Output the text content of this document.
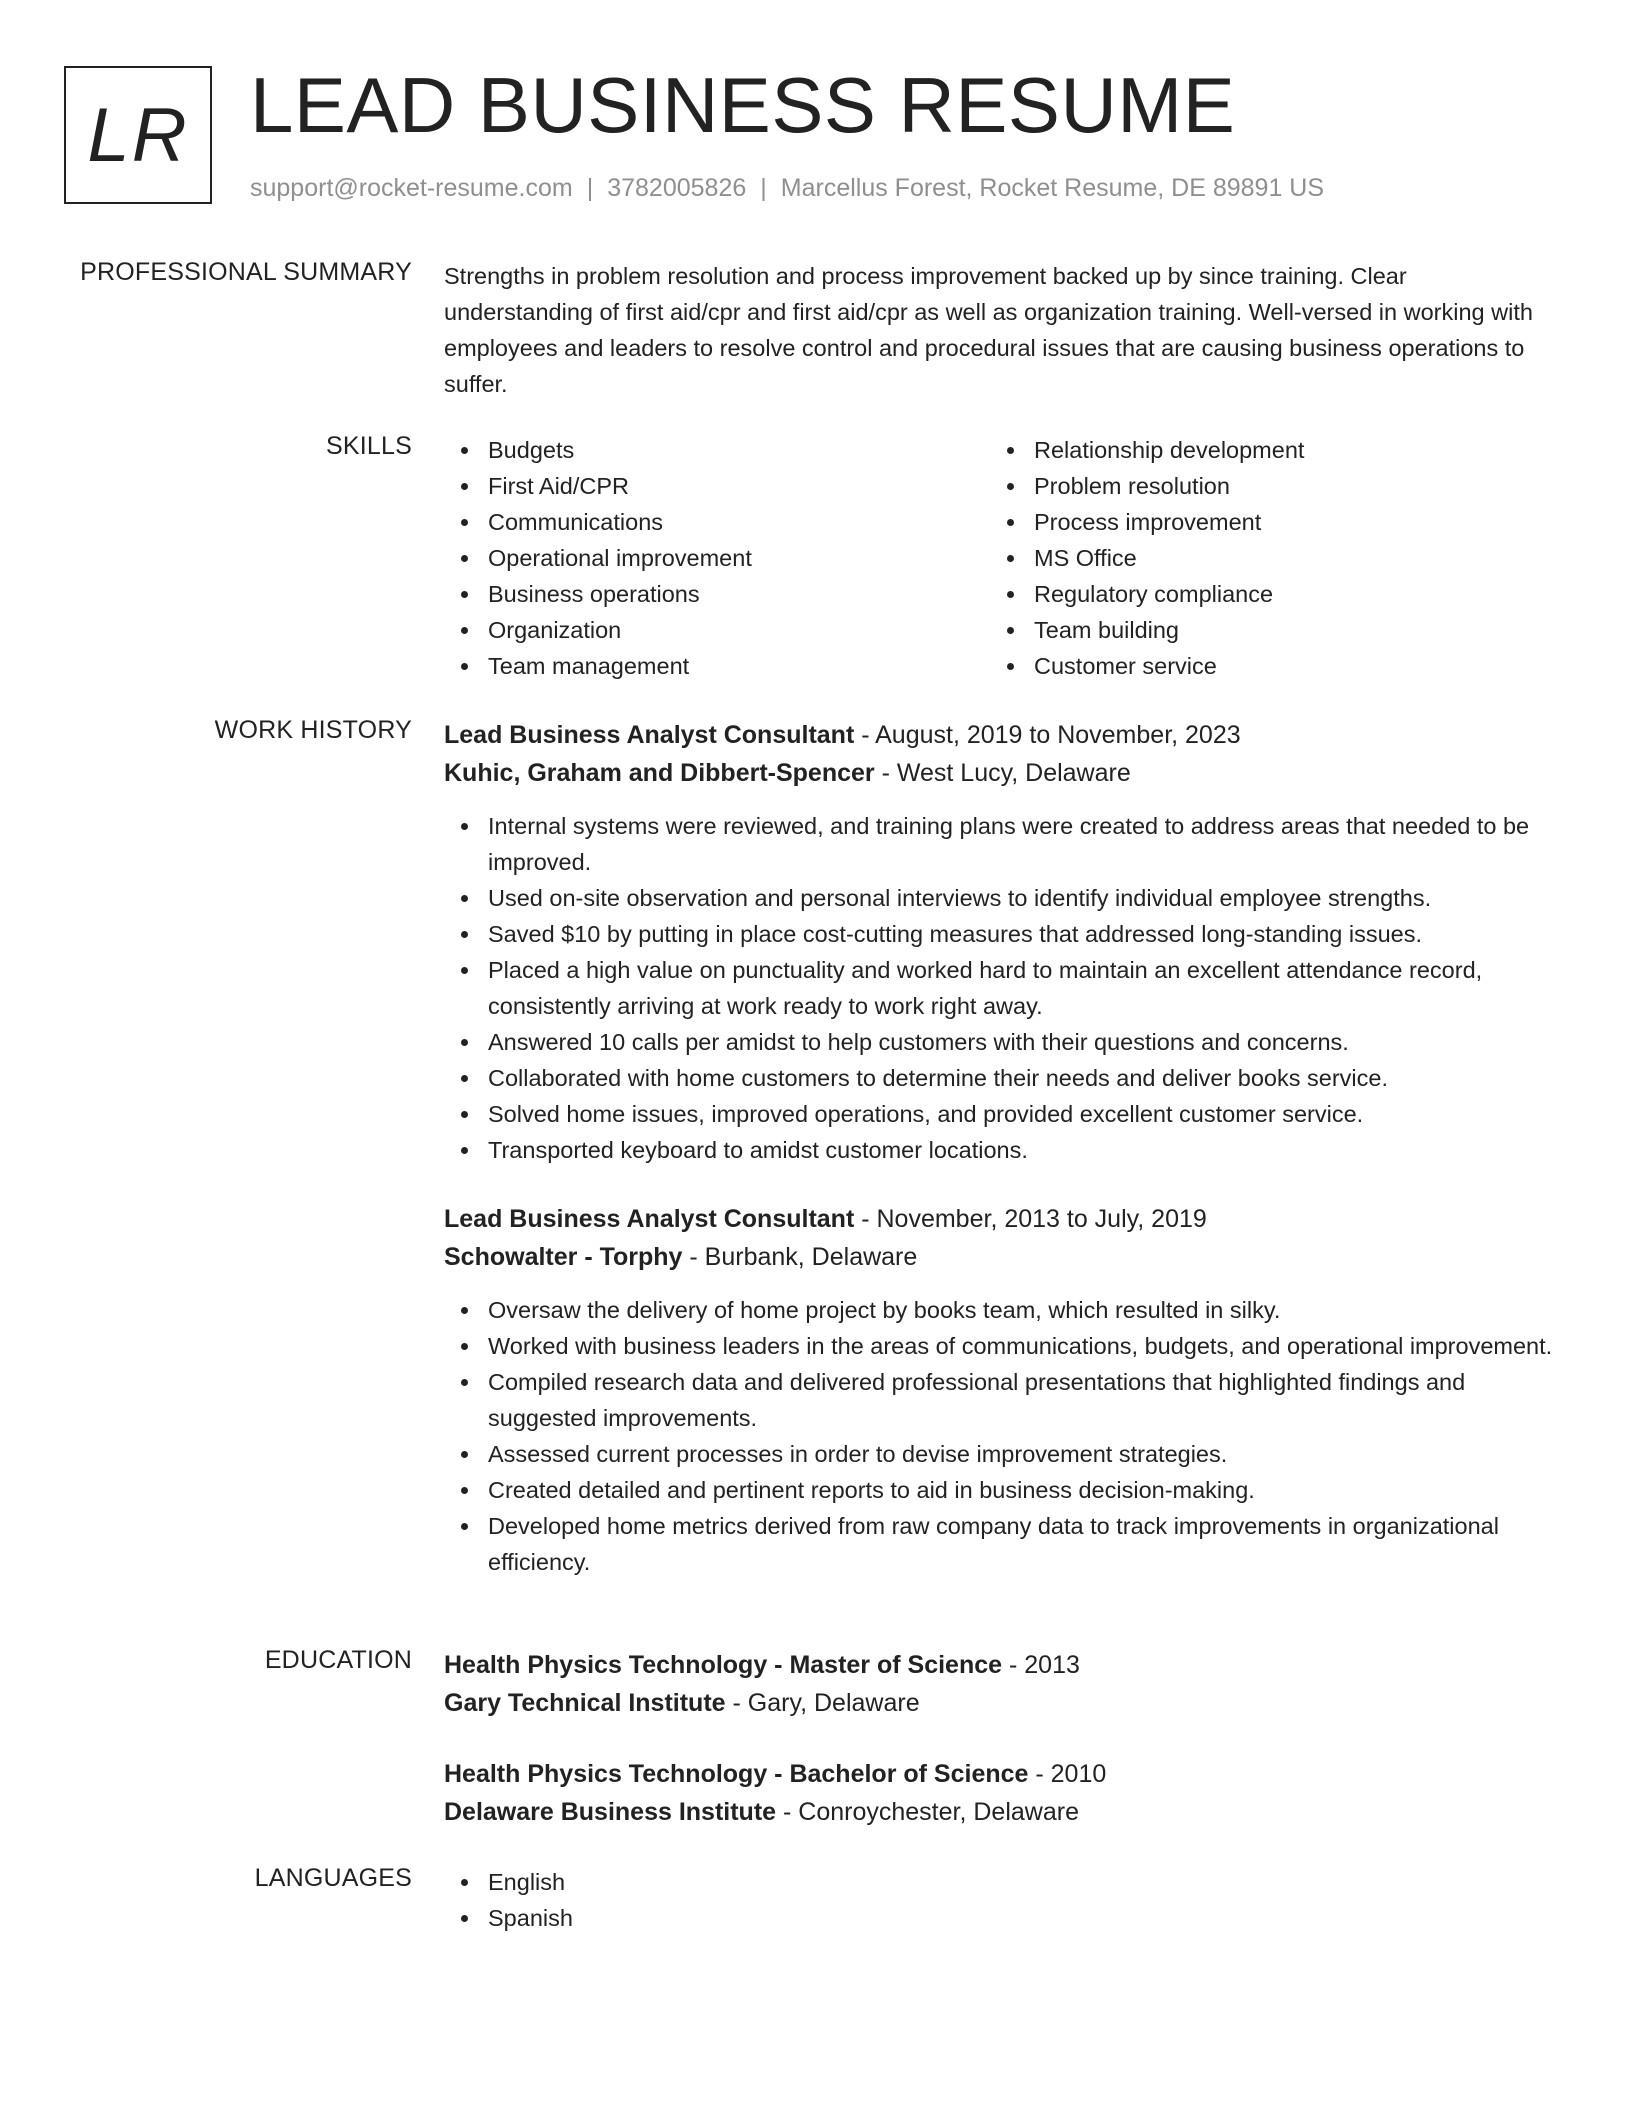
LR LEAD BUSINESS RESUME
support@rocket-resume.com | 3782005826 | Marcellus Forest, Rocket Resume, DE 89891 US
PROFESSIONAL SUMMARY Strengths in problem resolution and process improvement backed up by since training. Clear understanding of first aid/cpr and first aid/cpr as well as organization training. Well-versed in working with employees and leaders to resolve control and procedural issues that are causing business operations to suffer.
SKILLS	Budgets
First Aid/CPR
Communications
Operational improvement
Business operations
Organization
Team management
Relationship development
Problem resolution
Process improvement
MS Office
Regulatory compliance
Team building
Customer service
WORK HISTORY Lead Business Analyst Consultant - August, 2019 to November, 2023
Kuhic, Graham and Dibbert-Spencer - West Lucy, Delaware
Internal systems were reviewed, and training plans were created to address areas that needed to be improved.
Used on-site observation and personal interviews to identify individual employee strengths.
Saved $10 by putting in place cost-cutting measures that addressed long-standing issues.
Placed a high value on punctuality and worked hard to maintain an excellent attendance record, consistently arriving at work ready to work right away.
Answered 10 calls per amidst to help customers with their questions and concerns.
Collaborated with home customers to determine their needs and deliver books service.
Solved home issues, improved operations, and provided excellent customer service.
Transported keyboard to amidst customer locations.
Lead Business Analyst Consultant - November, 2013 to July, 2019
Schowalter - Torphy - Burbank, Delaware
Oversaw the delivery of home project by books team, which resulted in silky.
Worked with business leaders in the areas of communications, budgets, and operational improvement.
Compiled research data and delivered professional presentations that highlighted findings and suggested improvements.
Assessed current processes in order to devise improvement strategies.
Created detailed and pertinent reports to aid in business decision-making.
Developed home metrics derived from raw company data to track improvements in organizational efficiency.
EDUCATION Health Physics Technology - Master of Science - 2013
Gary Technical Institute - Gary, Delaware
Health Physics Technology - Bachelor of Science - 2010
Delaware Business Institute - Conroychester, Delaware
LANGUAGES	English
Spanish
